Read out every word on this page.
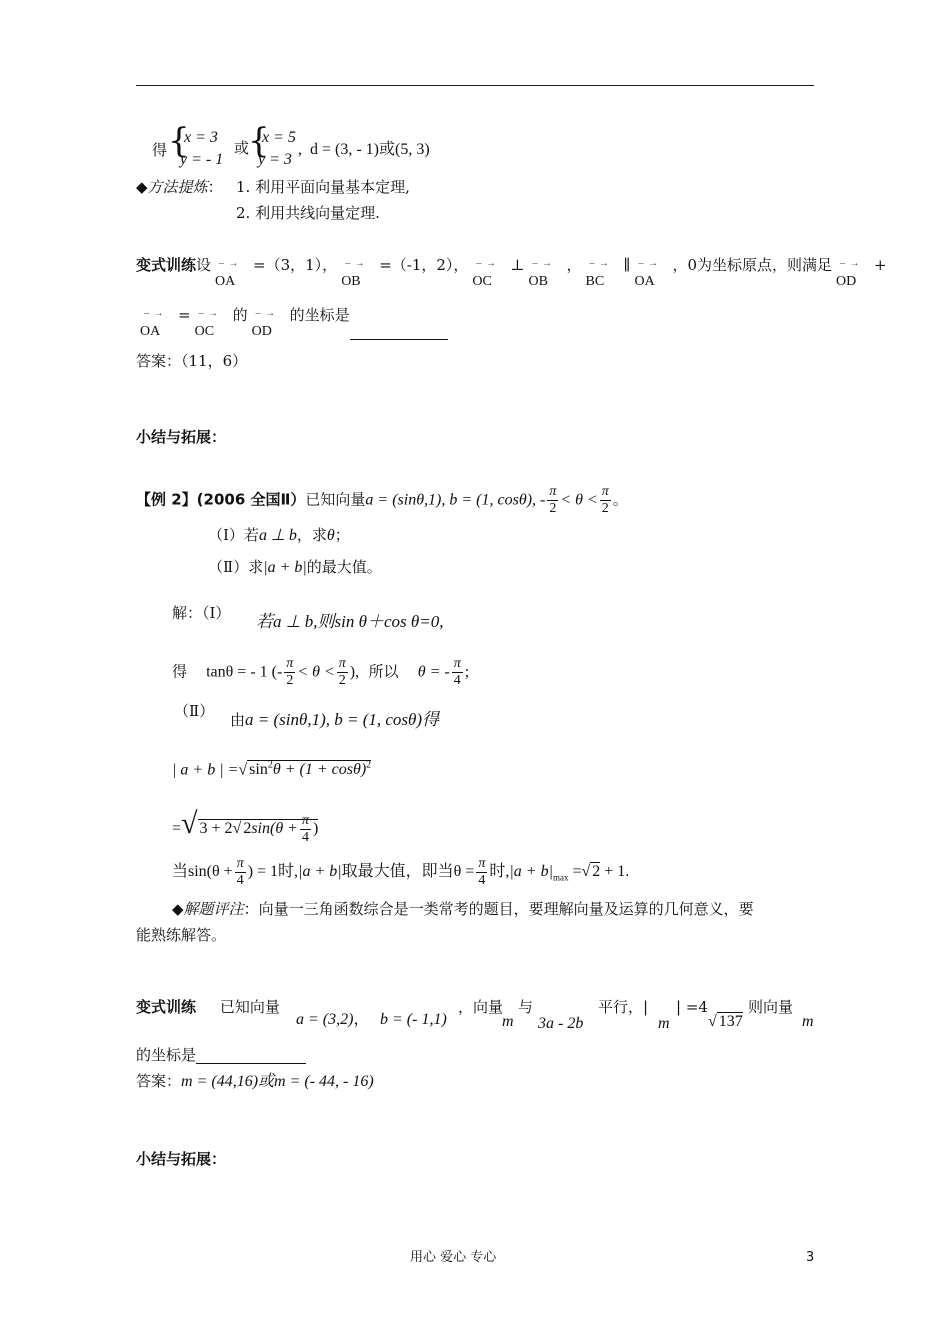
得 {
x = 3
y = - 1
或
{
x = 5
y = 3
,  d = (3, - 1)或(5, 3)
◆方法提炼： 1. 利用平面向量基本定理,
2. 利用共线向量定理.
变式训练设 ‒ →
OA
=（3，1）， ‒ →
OB
=（-1，2）， ‒ →
OC
⊥ ‒ →
OB
， ‒ →
BC
∥ ‒ →
OA
，0为坐标原点，则满足 ‒ →
OD
+
‒ →
OA
= ‒ →
OC
的 ‒ →
OD
的坐标是
答案：（11，6）
小结与拓展：
【例 2】(2006 全国Ⅱ）已知向量a = (sinθ,1), b = (1, cosθ), - $\frac{\pi}{2} < \theta < \frac{\pi}{2}$ 。
（Ⅰ）若a ⊥ b，求θ；
（Ⅱ）求|a + b|的最大值。
解：（Ⅰ） 若a ⊥ b,则sin θ＋cos θ=0,
得 tanθ = - 1 (- $\frac{\pi}{2} < \theta < \frac{\pi}{2}$ ), 所以 θ = - $\frac{\pi}{4}$ ;
（Ⅱ） 由a = (sinθ,1), b = (1, cosθ)得
| a + b | =√ $\sin^2\theta + (1 + \cos\theta)^2$
=√ 3 + 2√ $2\sin(\theta + \frac{\pi}{4}$ )
当$\sin(\theta + \frac{\pi}{4}$ ) = 1时,|a + b|取最大值，即当$\theta = \frac{\pi}{4}$ 时$,|a + b|_{max}$ =√ 2 + 1.
◆解题评注：向量一三角函数综合是一类常考的题目，要理解向量及运算的几何意义，要
能熟练解答。
变式训练 已知向量
a = (3,2)， b = (- 1,1)
，向量
m
与
3a - 2b
平行，|
m
| =4
√ 137
则向量
m
的坐标是
答案：m = (44,16)或m = (- 44, - 16)
小结与拓展：
用心 爱心 专心	3
